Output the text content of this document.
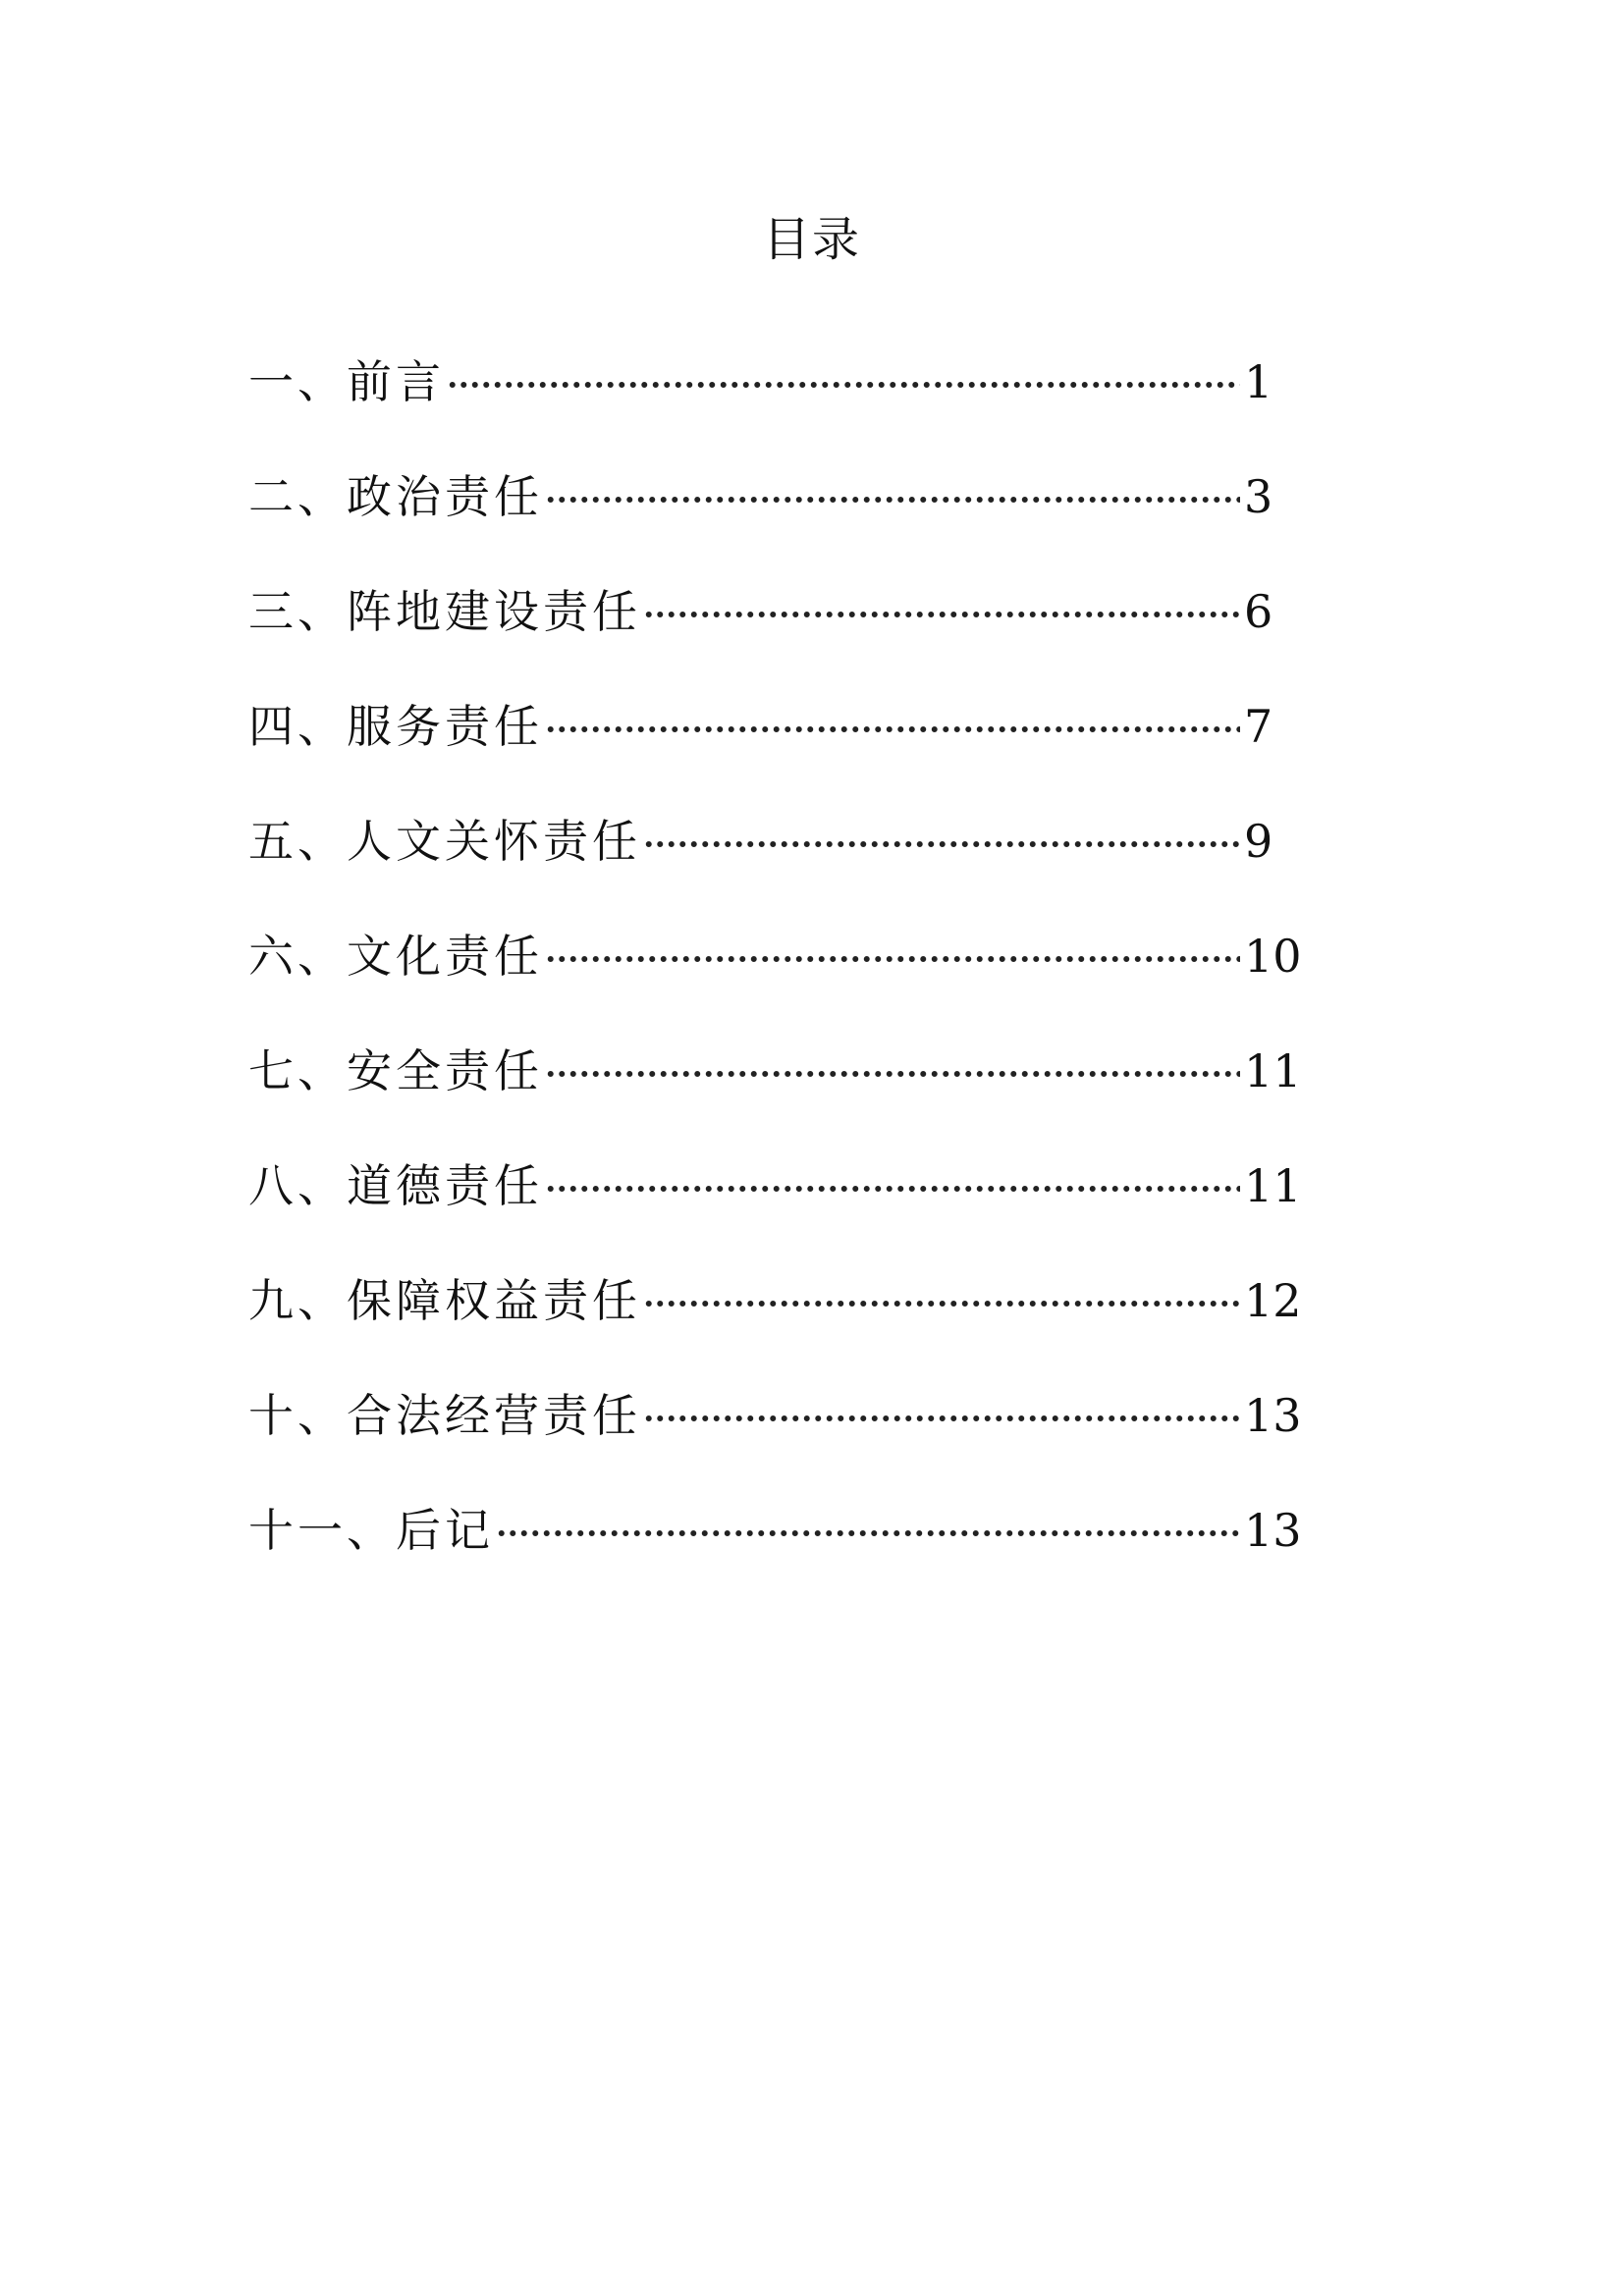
目录
一、前言	1
二、政治责任	3
三、阵地建设责任	6
四、服务责任	7
五、人文关怀责任	9
六、文化责任	10
七、安全责任	11
八、道德责任	11
九、保障权益责任	12
十、合法经营责任	13
十一、后记	13
